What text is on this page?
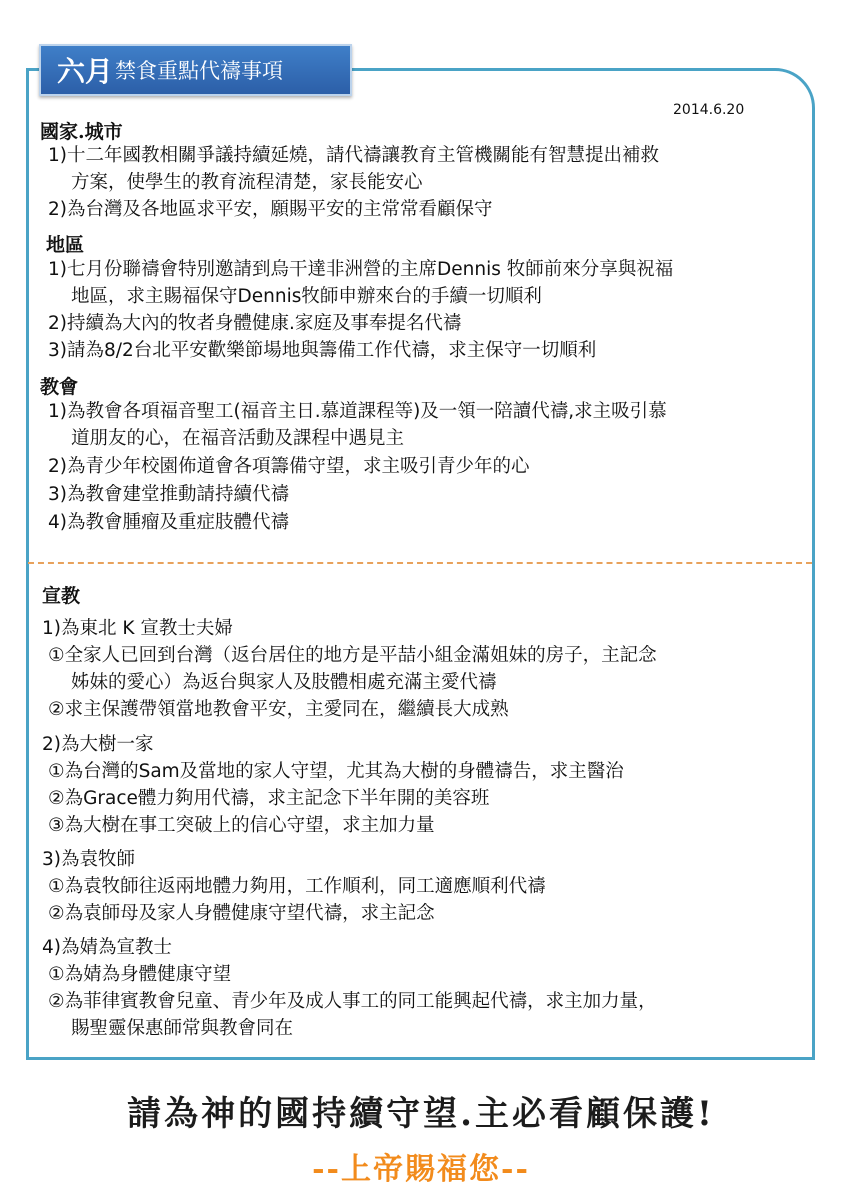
六月 禁食重點代禱事項
2014.6.20
國家.城市
1)十二年國教相關爭議持續延燒，請代禱讓教育主管機關能有智慧提出補救
方案，使學生的教育流程清楚，家長能安心
2)為台灣及各地區求平安，願賜平安的主常常看顧保守
地區
1)七月份聯禱會特別邀請到烏干達非洲營的主席Dennis 牧師前來分享與祝福
地區，求主賜福保守Dennis牧師申辦來台的手續一切順利
2)持續為大內的牧者身體健康.家庭及事奉提名代禱
3)請為8/2台北平安歡樂節場地與籌備工作代禱，求主保守一切順利
教會
1)為教會各項福音聖工(福音主日.慕道課程等)及一領一陪讀代禱,求主吸引慕
道朋友的心，在福音活動及課程中遇見主
2)為青少年校園佈道會各項籌備守望，求主吸引青少年的心
3)為教會建堂推動請持續代禱
4)為教會腫瘤及重症肢體代禱
宣教
1)為東北 K 宣教士夫婦
①全家人已回到台灣（返台居住的地方是平喆小組金滿姐妹的房子，主記念
姊妹的愛心）為返台與家人及肢體相處充滿主愛代禱
②求主保護帶領當地教會平安，主愛同在，繼續長大成熟
2)為大樹一家
①為台灣的Sam及當地的家人守望，尤其為大樹的身體禱告，求主醫治
②為Grace體力夠用代禱，求主記念下半年開的美容班
③為大樹在事工突破上的信心守望，求主加力量
3)為袁牧師
①為袁牧師往返兩地體力夠用，工作順利，同工適應順利代禱
②為袁師母及家人身體健康守望代禱，求主記念
4)為婧為宣教士
①為婧為身體健康守望
②為菲律賓教會兒童、青少年及成人事工的同工能興起代禱，求主加力量，
賜聖靈保惠師常與教會同在
請為神的國持續守望.主必看顧保護!
--上帝賜福您--
